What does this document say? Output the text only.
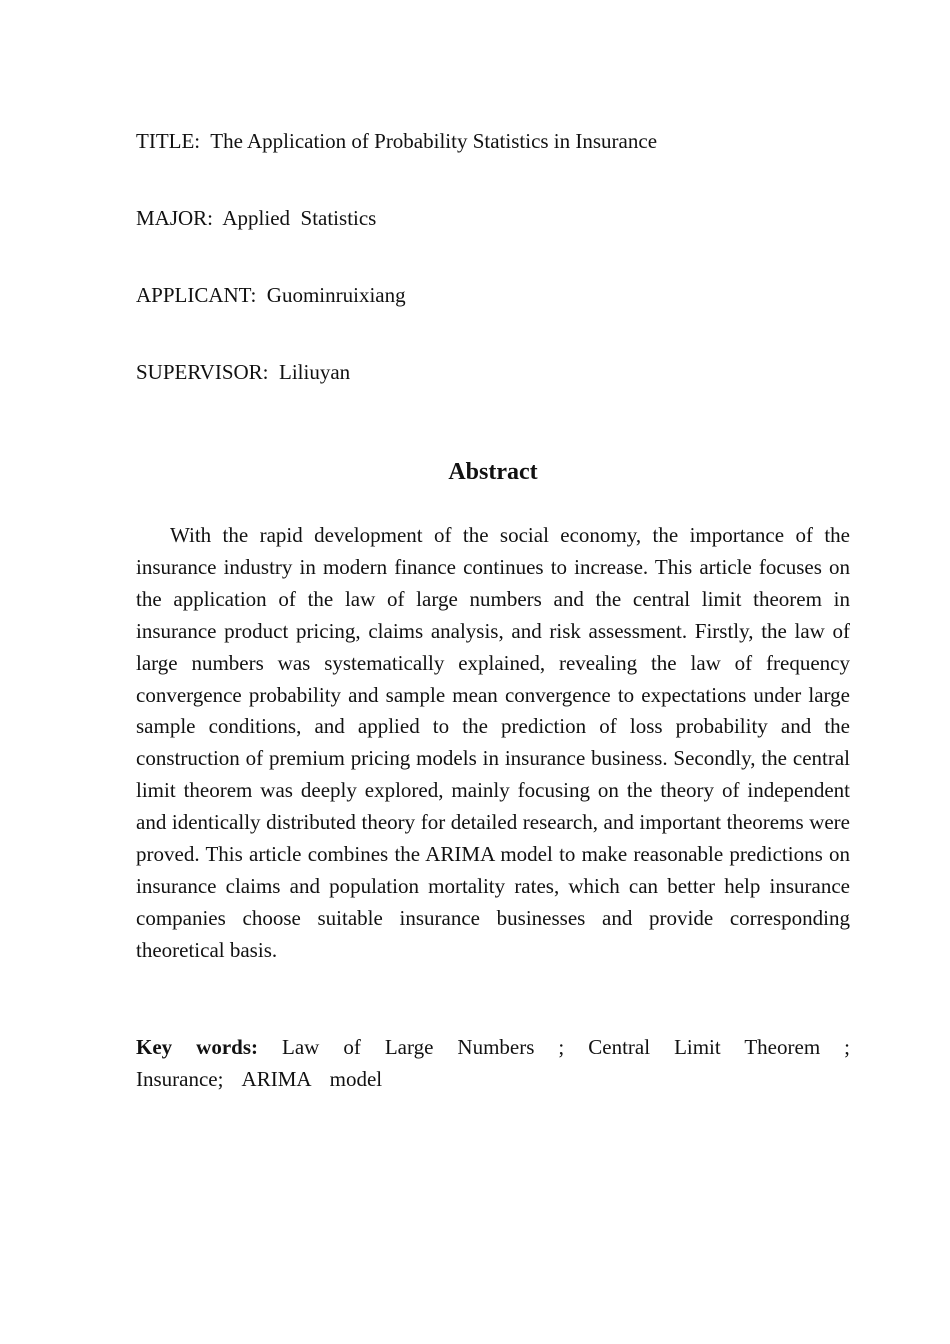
TITLE:  The Application of Probability Statistics in Insurance
MAJOR:  Applied  Statistics
APPLICANT:  Guominruixiang
SUPERVISOR:  Liliuyan
Abstract

With the rapid development of the social economy, the importance of the insurance industry in modern finance continues to increase. This article focuses on the application of the law of large numbers and the central limit theorem in insurance product pricing, claims analysis, and risk assessment. Firstly, the law of large numbers was systematically explained, revealing the law of frequency convergence probability and sample mean convergence to expectations under large sample conditions, and applied to the prediction of loss probability and the construction of premium pricing models in insurance business. Secondly, the central limit theorem was deeply explored, mainly focusing on the theory of independent and identically distributed theory for detailed research, and important theorems were proved. This article combines the ARIMA model to make reasonable predictions on insurance claims and population mortality rates, which can better help insurance companies choose suitable insurance businesses and provide corresponding theoretical basis.

Key words: Law of Large Numbers ; Central Limit Theorem ; Insurance; ARIMA model
